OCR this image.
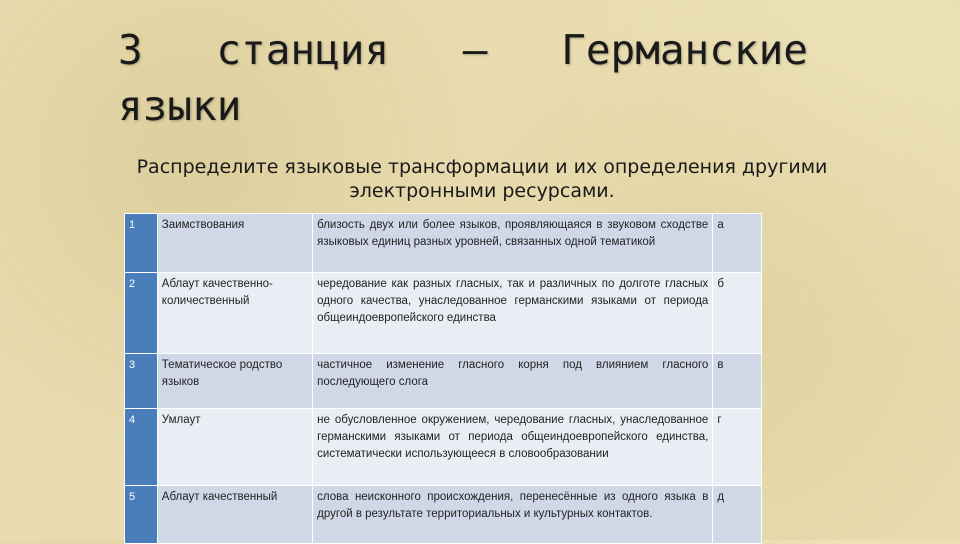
3 станция – Германские
языки
Распределите языковые трансформации и их определения другими
электронными ресурсами.
1	Заимствования	близость двух или более языков, проявляющаяся в звуковом сходстве языковых единиц разных уровней, связанных одной тематикой	а
2	Аблаут качественно-количественный	чередование как разных гласных, так и различных по долготе гласных одного качества, унаследованное германскими языками от периода общеиндоевропейского единства	б
3	Тематическое родство языков	частичное изменение гласного корня под влиянием гласного последующего слога	в
4	Умлаут	не обусловленное окружением, чередование гласных, унаследованное германскими языками от периода общеиндоевропейского единства, систематически использующееся в словообразовании	г
5	Аблаут качественный	слова неисконного происхождения, перенесённые из одного языка в другой в результате территориальных и культурных контактов.	д
